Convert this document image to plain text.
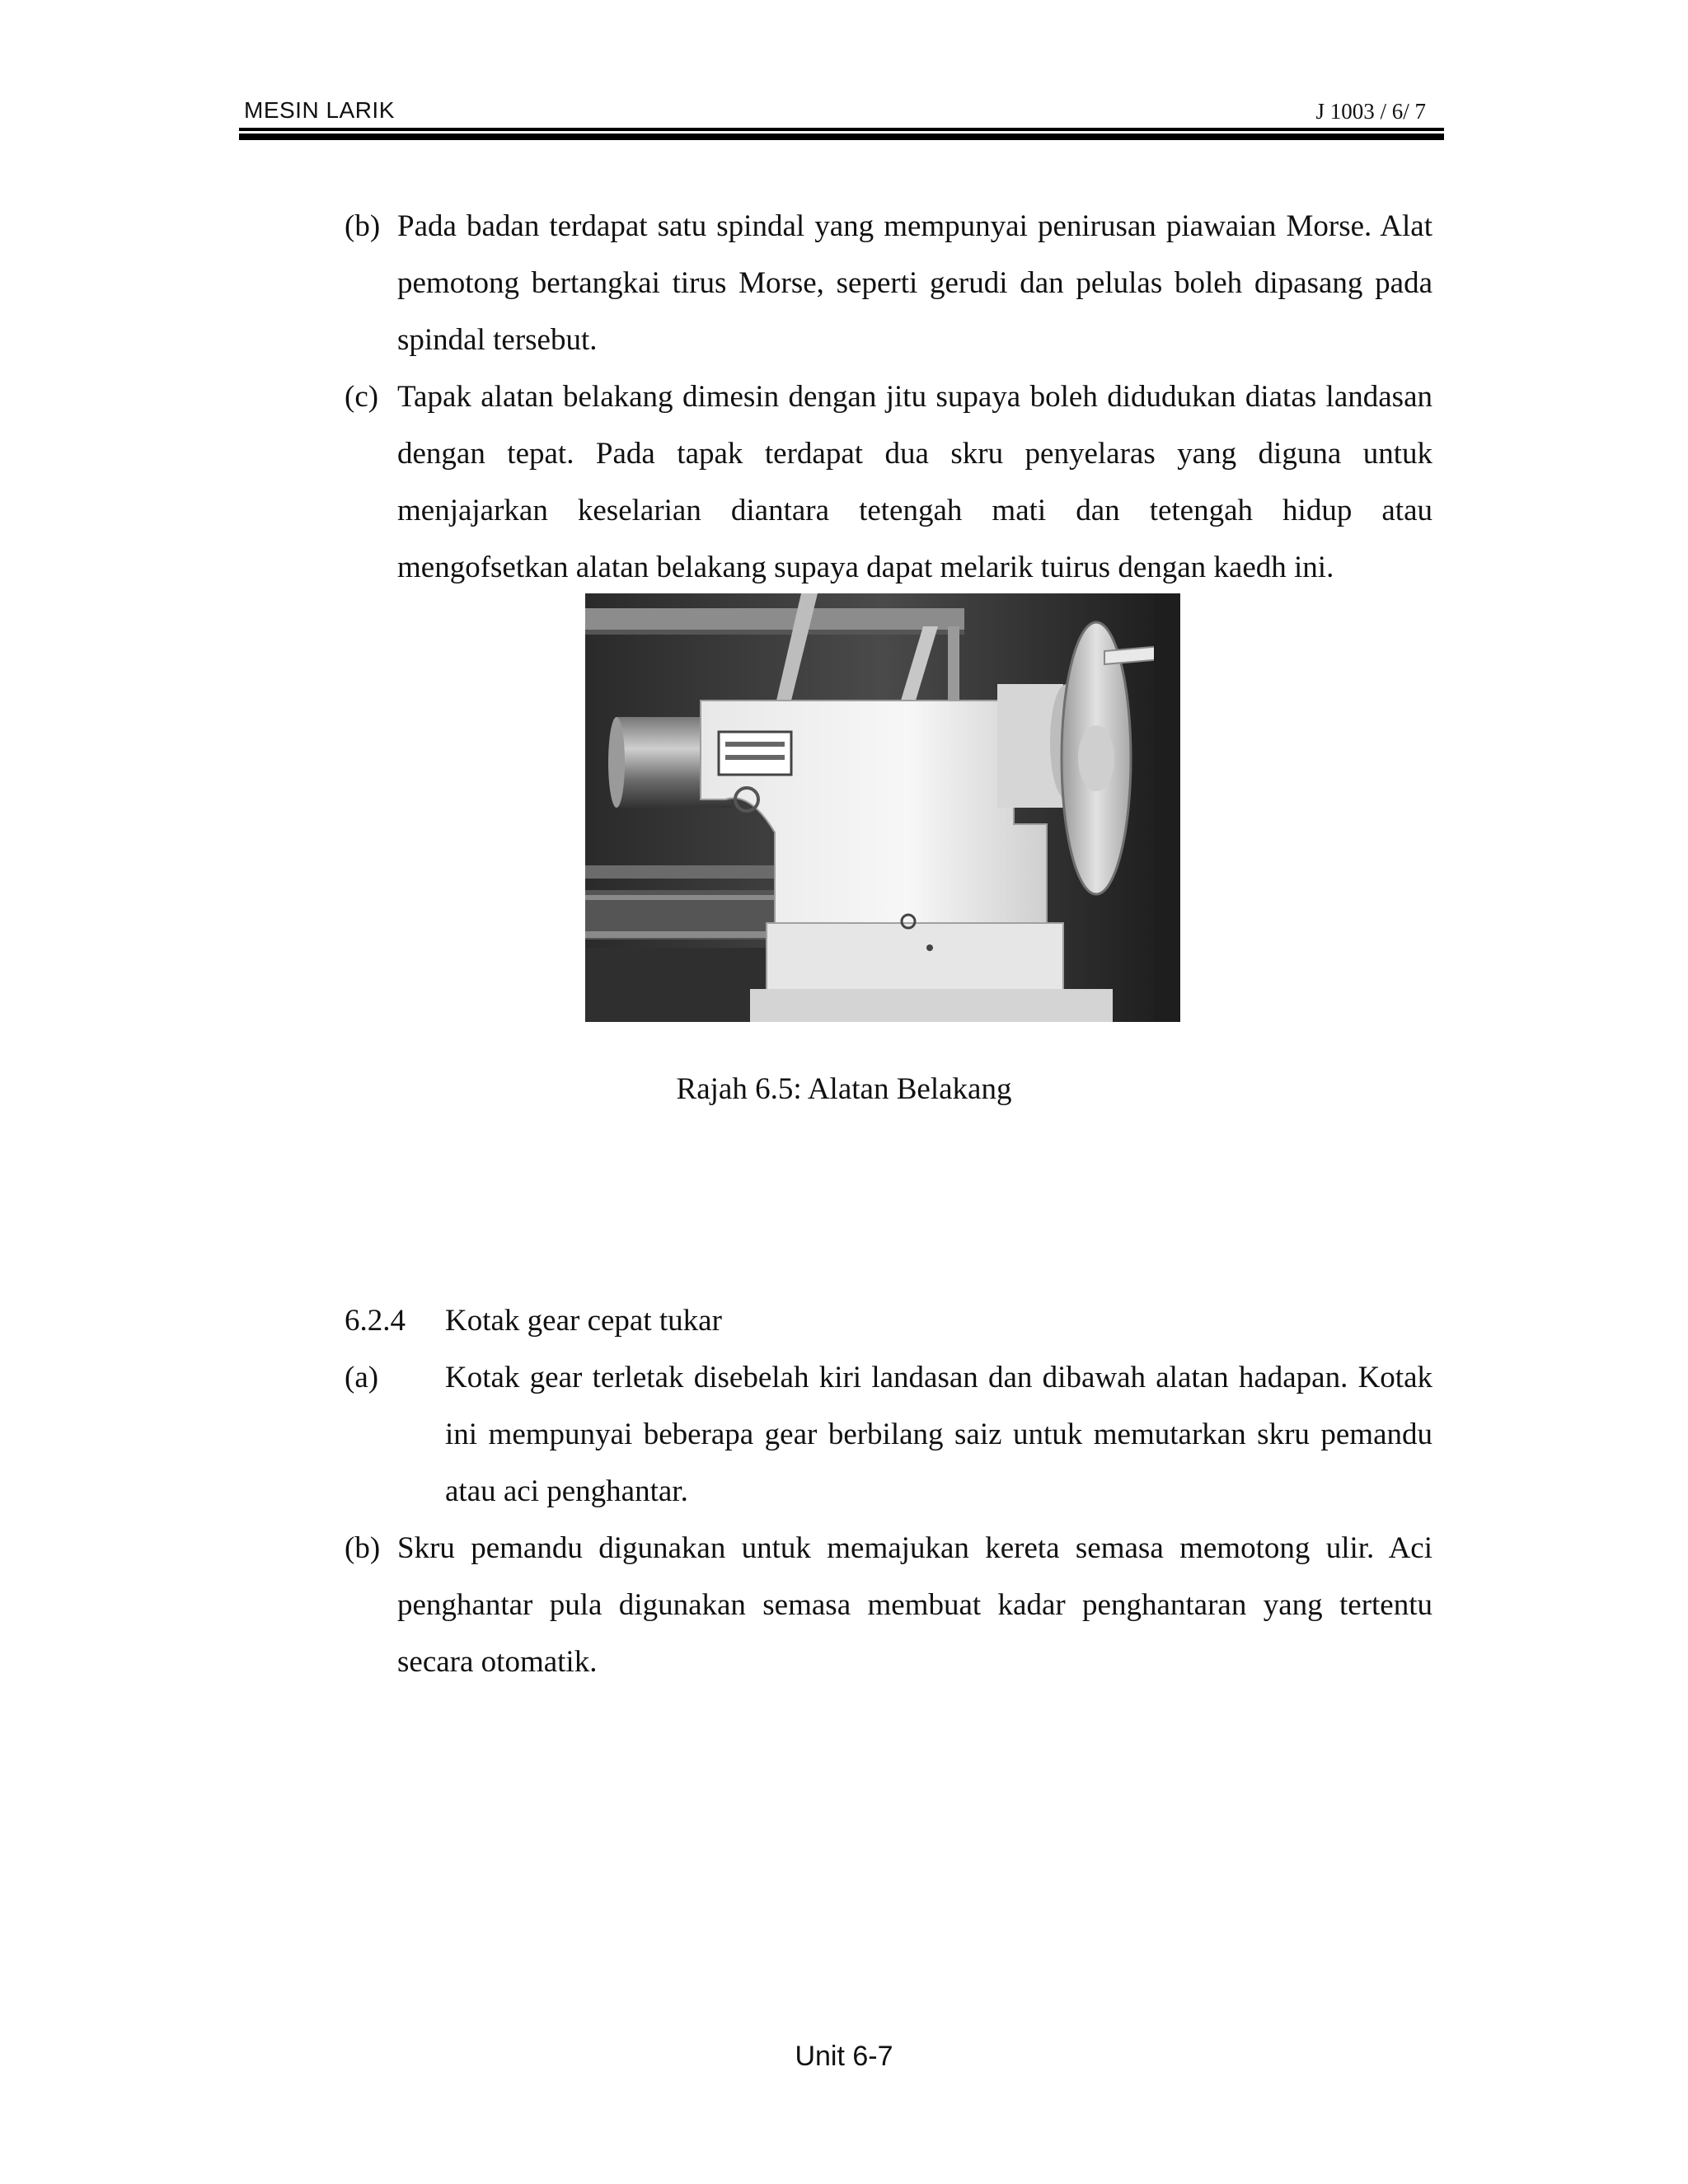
MESIN LARIK	J 1003 / 6/ 7
(b) Pada badan terdapat satu spindal yang mempunyai penirusan piawaian Morse. Alat pemotong bertangkai tirus Morse, seperti gerudi dan pelulas boleh dipasang pada spindal tersebut.
(c) Tapak alatan belakang dimesin dengan jitu supaya boleh didudukan diatas landasan dengan tepat. Pada tapak terdapat dua skru penyelaras yang diguna untuk menjajarkan keselarian diantara tetengah mati dan tetengah hidup atau mengofsetkan alatan belakang supaya dapat melarik tuirus dengan kaedh ini.
Rajah 6.5: Alatan Belakang
6.2.4 Kotak gear cepat tukar
(a) Kotak gear terletak disebelah kiri landasan dan dibawah alatan hadapan. Kotak ini mempunyai beberapa gear berbilang saiz untuk memutarkan skru pemandu atau aci penghantar.
(b) Skru pemandu digunakan untuk memajukan kereta semasa memotong ulir. Aci penghantar pula digunakan semasa membuat kadar penghantaran yang tertentu secara otomatik.
Unit 6-7
